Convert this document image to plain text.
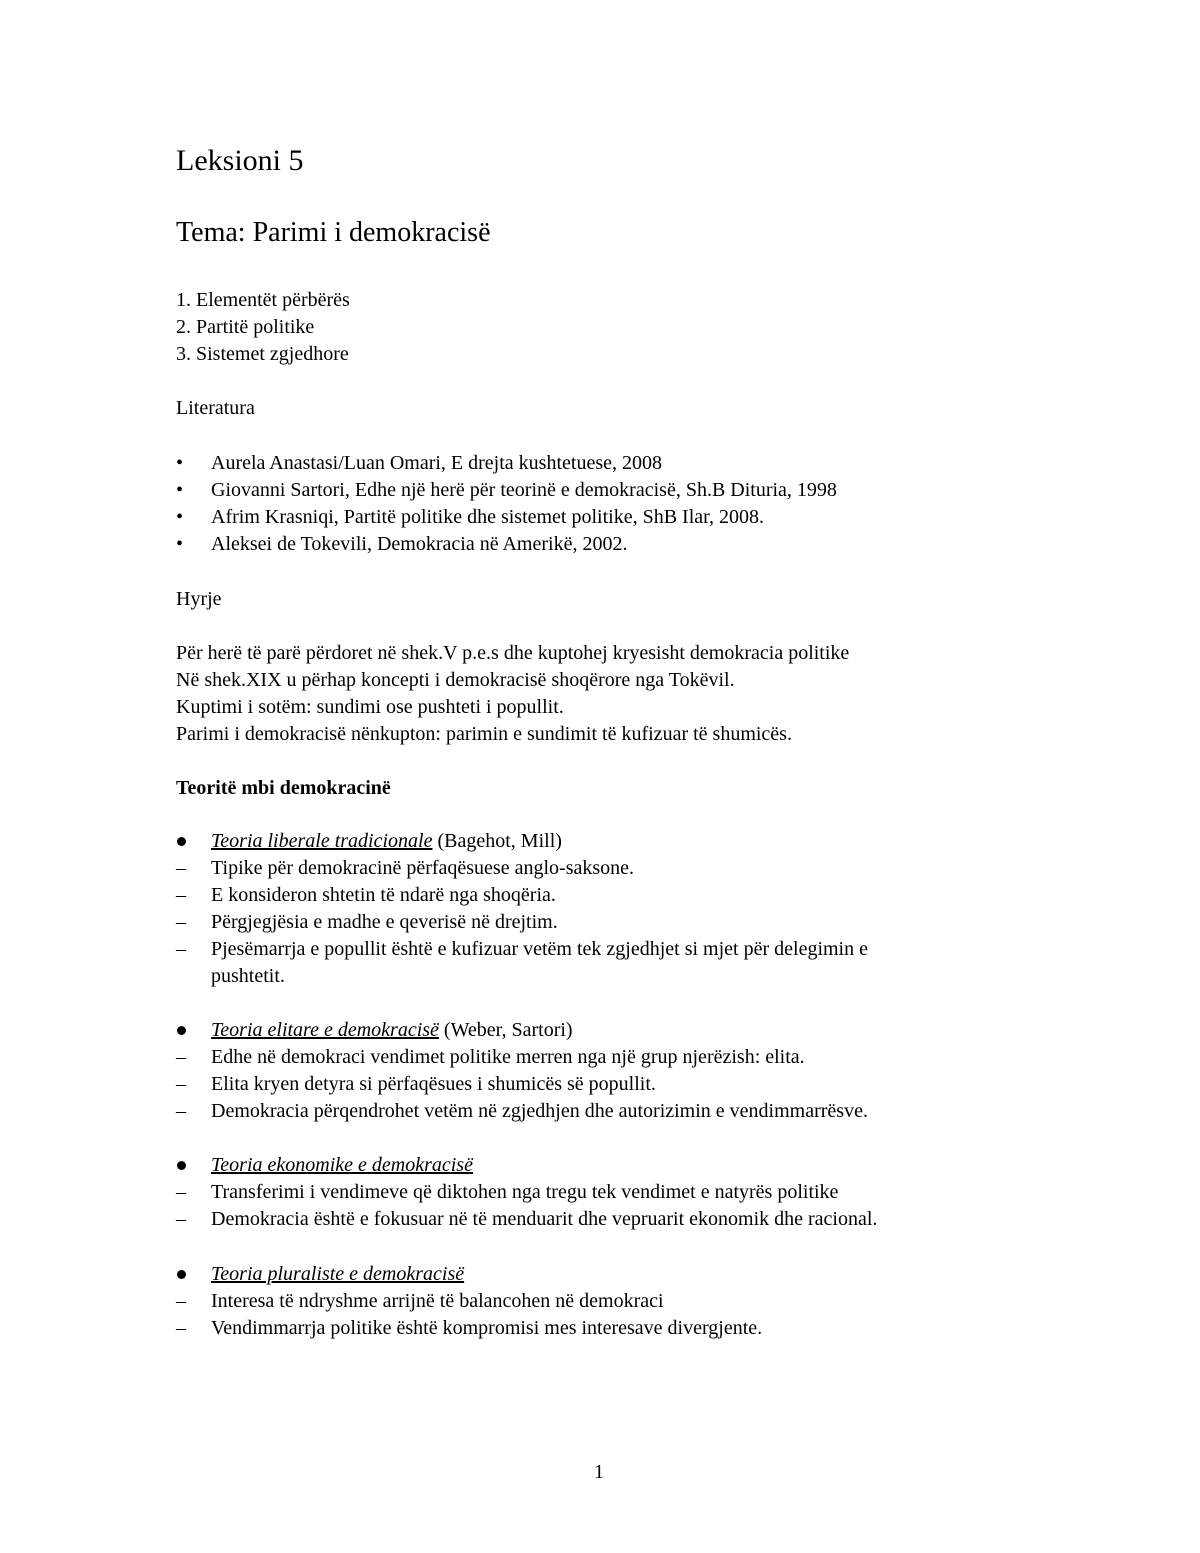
Leksioni 5
Tema: Parimi i demokracisë
1. Elementët përbërës
2. Partitë politike
3. Sistemet zgjedhore
Literatura
•	Aurela Anastasi/Luan Omari, E drejta kushtetuese, 2008
•	Giovanni Sartori, Edhe një herë për teorinë e demokracisë, Sh.B Dituria, 1998
•	Afrim Krasniqi, Partitë politike dhe sistemet politike, ShB Ilar, 2008.
•	Aleksei de Tokevili, Demokracia në Amerikë, 2002.
Hyrje
Për herë të parë përdoret në shek.V p.e.s dhe kuptohej kryesisht demokracia politike
Në shek.XIX u përhap koncepti i demokracisë shoqërore nga Tokëvil.
Kuptimi i sotëm: sundimi ose pushteti i popullit.
Parimi i demokracisë nënkupton: parimin e sundimit të kufizuar të shumicës.
Teoritë mbi demokracinë
Teoria liberale tradicionale (Bagehot, Mill)
–	Tipike për demokracinë përfaqësuese anglo-saksone.
–	E konsideron shtetin të ndarë nga shoqëria.
–	Përgjegjësia e madhe e qeverisë në drejtim.
–	Pjesëmarrja e popullit është e kufizuar vetëm tek zgjedhjet si mjet për delegimin e
pushtetit.
Teoria elitare e demokracisë (Weber, Sartori)
–	Edhe në demokraci vendimet politike merren nga një grup njerëzish: elita.
–	Elita kryen detyra si përfaqësues i shumicës së popullit.
–	Demokracia përqendrohet vetëm në zgjedhjen dhe autorizimin e vendimmarrësve.
Teoria ekonomike e demokracisë
–	Transferimi i vendimeve që diktohen nga tregu tek vendimet e natyrës politike
–	Demokracia është e fokusuar në të menduarit dhe vepruarit ekonomik dhe racional.
Teoria pluraliste e demokracisë
–	Interesa të ndryshme arrijnë të balancohen në demokraci
–	Vendimmarrja politike është kompromisi mes interesave divergjente.
1
